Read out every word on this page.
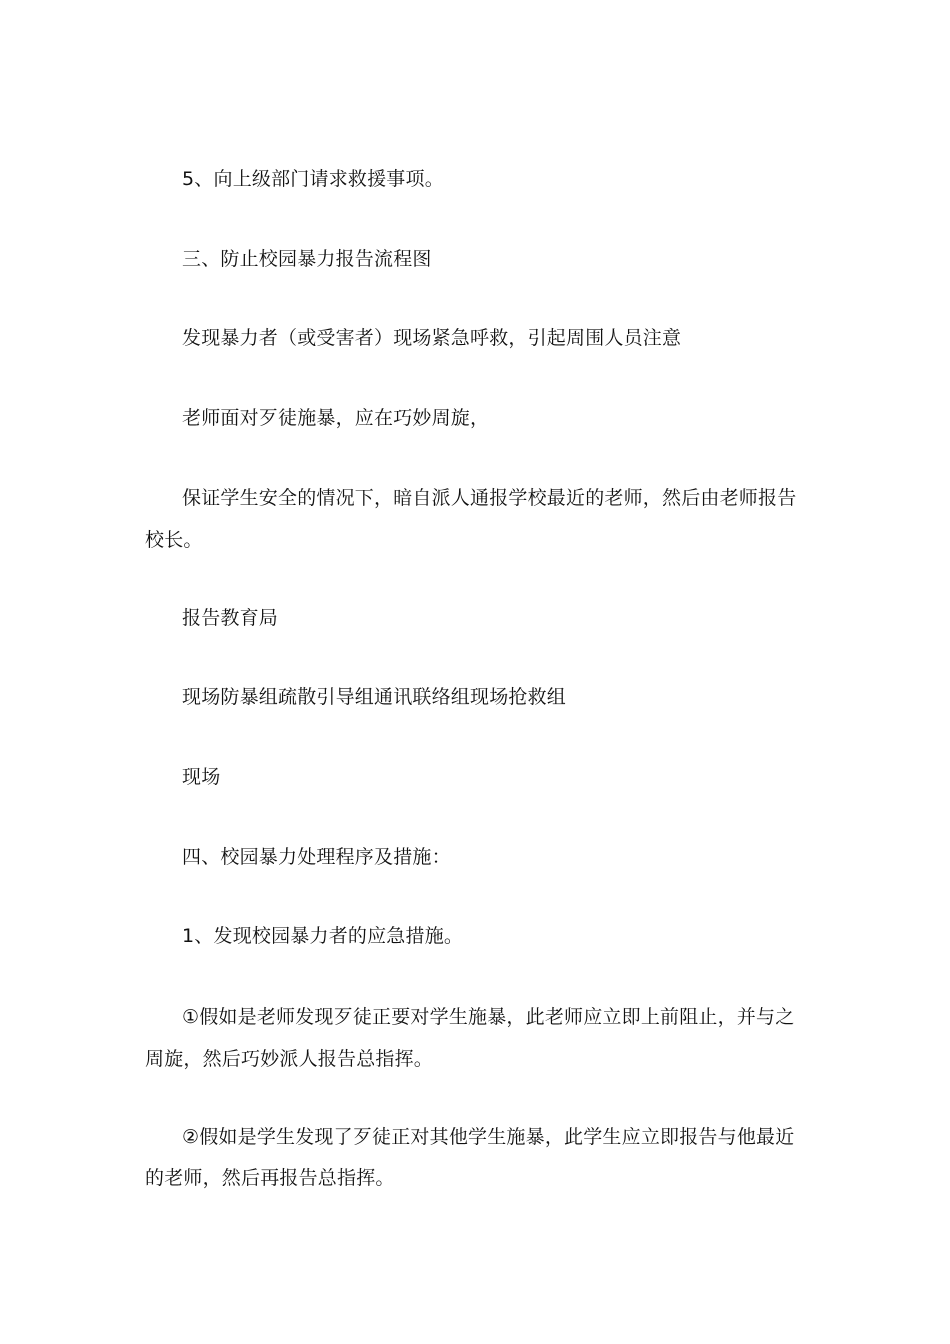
5、向上级部门请求救援事项。
三、防止校园暴力报告流程图
发现暴力者（或受害者）现场紧急呼救，引起周围人员注意
老师面对歹徒施暴，应在巧妙周旋，
保证学生安全的情况下，暗自派人通报学校最近的老师，然后由老师报告
校长。
报告教育局
现场防暴组疏散引导组通讯联络组现场抢救组
现场
四、校园暴力处理程序及措施：
1、发现校园暴力者的应急措施。
①假如是老师发现歹徒正要对学生施暴，此老师应立即上前阻止，并与之
周旋，然后巧妙派人报告总指挥。
②假如是学生发现了歹徒正对其他学生施暴，此学生应立即报告与他最近
的老师，然后再报告总指挥。
